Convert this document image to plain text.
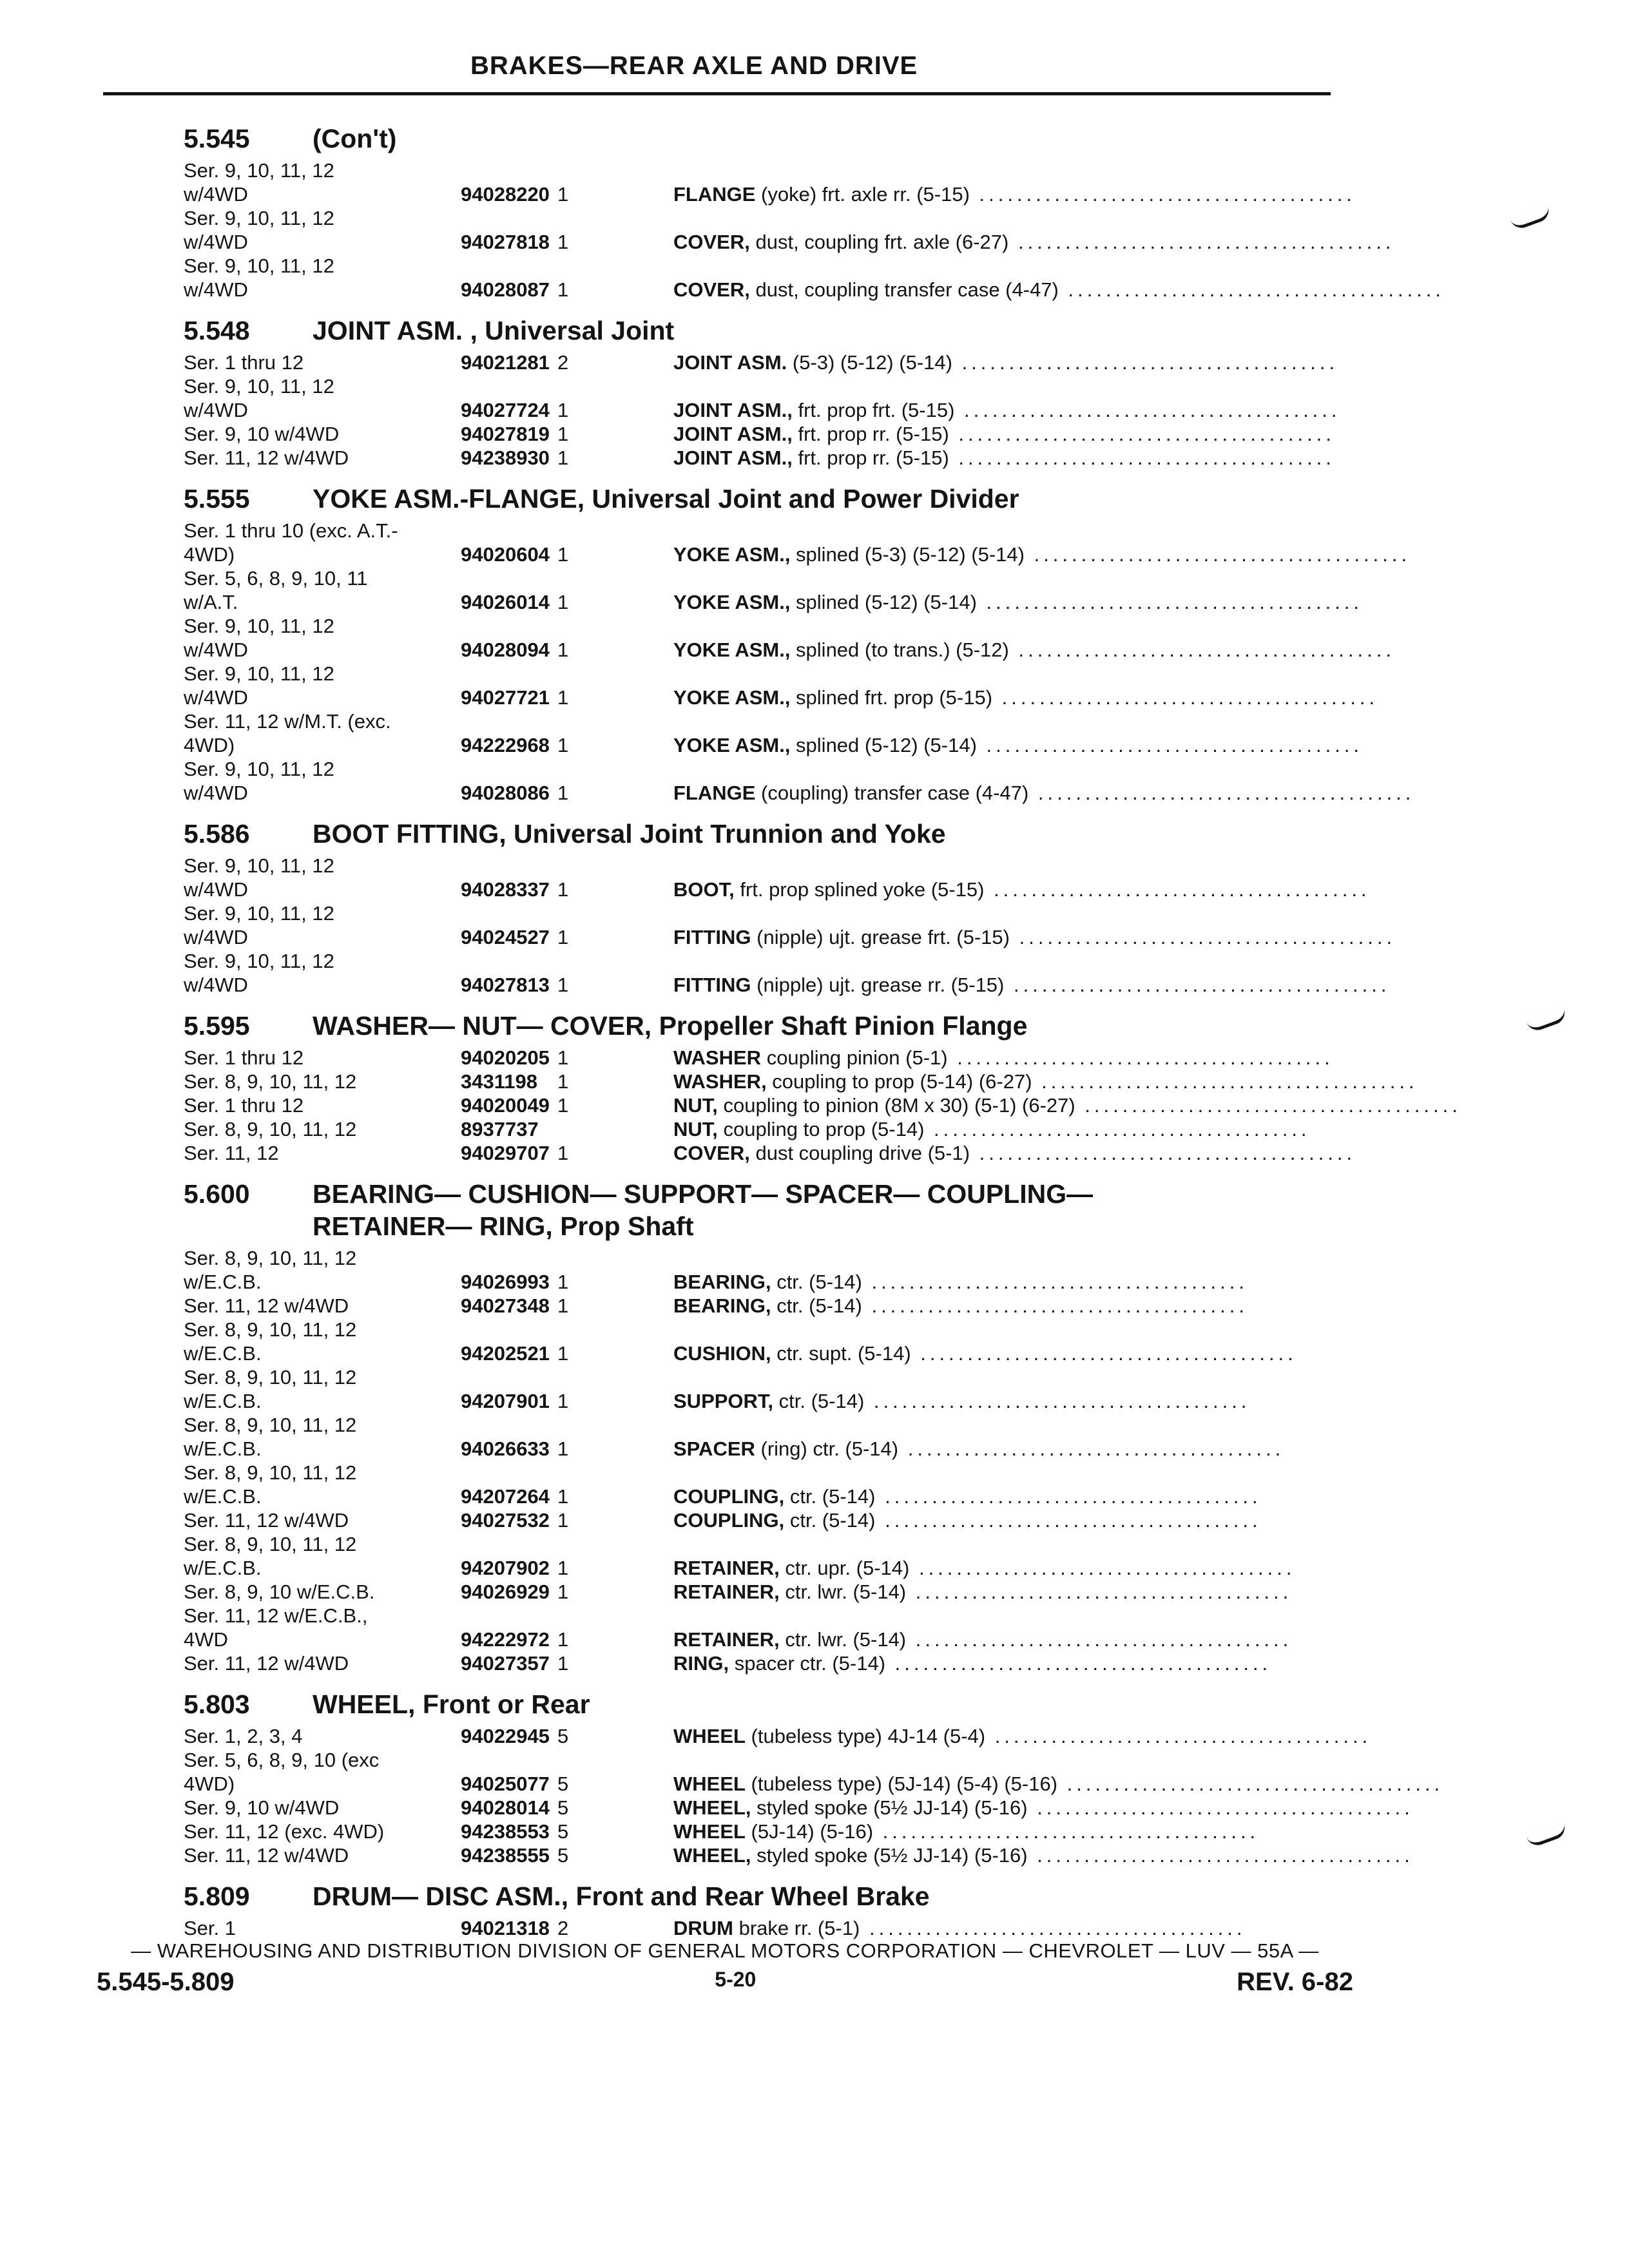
BRAKES—REAR AXLE AND DRIVE
5.545	(Con't)
Ser. 9, 10, 11, 12
w/4WD	94028220 1	FLANGE (yoke) frt. axle rr. (5-15) ........................................
Ser. 9, 10, 11, 12
w/4WD	94027818 1	COVER, dust, coupling frt. axle (6-27) ........................................
Ser. 9, 10, 11, 12
w/4WD	94028087 1	COVER, dust, coupling transfer case (4-47) ........................................
5.548	JOINT ASM. , Universal Joint
Ser. 1 thru 12	94021281 2	JOINT ASM. (5-3) (5-12) (5-14) ........................................
Ser. 9, 10, 11, 12
w/4WD	94027724 1	JOINT ASM., frt. prop frt. (5-15) ........................................
Ser. 9, 10 w/4WD	94027819 1	JOINT ASM., frt. prop rr. (5-15) ........................................
Ser. 11, 12 w/4WD	94238930 1	JOINT ASM., frt. prop rr. (5-15) ........................................
5.555	YOKE ASM.-FLANGE, Universal Joint and Power Divider
Ser. 1 thru 10 (exc. A.T.-
4WD)	94020604 1	YOKE ASM., splined (5-3) (5-12) (5-14) ........................................
Ser. 5, 6, 8, 9, 10, 11
w/A.T.	94026014 1	YOKE ASM., splined (5-12) (5-14) ........................................
Ser. 9, 10, 11, 12
w/4WD	94028094 1	YOKE ASM., splined (to trans.) (5-12) ........................................
Ser. 9, 10, 11, 12
w/4WD	94027721 1	YOKE ASM., splined frt. prop (5-15) ........................................
Ser. 11, 12 w/M.T. (exc.
4WD)	94222968 1	YOKE ASM., splined (5-12) (5-14) ........................................
Ser. 9, 10, 11, 12
w/4WD	94028086 1	FLANGE (coupling) transfer case (4-47) ........................................
5.586	BOOT FITTING, Universal Joint Trunnion and Yoke
Ser. 9, 10, 11, 12
w/4WD	94028337 1	BOOT, frt. prop splined yoke (5-15) ........................................
Ser. 9, 10, 11, 12
w/4WD	94024527 1	FITTING (nipple) ujt. grease frt. (5-15) ........................................
Ser. 9, 10, 11, 12
w/4WD	94027813 1	FITTING (nipple) ujt. grease rr. (5-15) ........................................
5.595	WASHER— NUT— COVER, Propeller Shaft Pinion Flange
Ser. 1 thru 12	94020205 1	WASHER coupling pinion (5-1) ........................................
Ser. 8, 9, 10, 11, 12	3431198	1	WASHER, coupling to prop (5-14) (6-27) ........................................
Ser. 1 thru 12	94020049 1	NUT, coupling to pinion (8M x 30) (5-1) (6-27) ........................................
Ser. 8, 9, 10, 11, 12	8937737	NUT, coupling to prop (5-14) ........................................
Ser. 11, 12	94029707 1	COVER, dust coupling drive (5-1) ........................................
5.600	BEARING— CUSHION— SUPPORT— SPACER— COUPLING—
RETAINER— RING, Prop Shaft
Ser. 8, 9, 10, 11, 12
w/E.C.B.	94026993 1	BEARING, ctr. (5-14) ........................................
Ser. 11, 12 w/4WD	94027348 1	BEARING, ctr. (5-14) ........................................
Ser. 8, 9, 10, 11, 12
w/E.C.B.	94202521 1	CUSHION, ctr. supt. (5-14) ........................................
Ser. 8, 9, 10, 11, 12
w/E.C.B.	94207901 1	SUPPORT, ctr. (5-14) ........................................
Ser. 8, 9, 10, 11, 12
w/E.C.B.	94026633 1	SPACER (ring) ctr. (5-14) ........................................
Ser. 8, 9, 10, 11, 12
w/E.C.B.	94207264 1	COUPLING, ctr. (5-14) ........................................
Ser. 11, 12 w/4WD	94027532 1	COUPLING, ctr. (5-14) ........................................
Ser. 8, 9, 10, 11, 12
w/E.C.B.	94207902 1	RETAINER, ctr. upr. (5-14) ........................................
Ser. 8, 9, 10 w/E.C.B.	94026929 1	RETAINER, ctr. lwr. (5-14) ........................................
Ser. 11, 12 w/E.C.B.,
4WD	94222972 1	RETAINER, ctr. lwr. (5-14) ........................................
Ser. 11, 12 w/4WD	94027357 1	RING, spacer ctr. (5-14) ........................................
5.803	WHEEL, Front or Rear
Ser. 1, 2, 3, 4	94022945 5	WHEEL (tubeless type) 4J-14 (5-4) ........................................
Ser. 5, 6, 8, 9, 10 (exc
4WD)	94025077 5	WHEEL (tubeless type) (5J-14) (5-4) (5-16) ........................................
Ser. 9, 10 w/4WD	94028014 5	WHEEL, styled spoke (5½ JJ-14) (5-16) ........................................
Ser. 11, 12 (exc. 4WD)	94238553 5	WHEEL (5J-14) (5-16) ........................................
Ser. 11, 12 w/4WD	94238555 5	WHEEL, styled spoke (5½ JJ-14) (5-16) ........................................
5.809	DRUM— DISC ASM., Front and Rear Wheel Brake
Ser. 1	94021318 2	DRUM brake rr. (5-1) ........................................
— WAREHOUSING AND DISTRIBUTION DIVISION OF GENERAL MOTORS CORPORATION — CHEVROLET — LUV — 55A —
5.545-5.809	5-20	REV. 6-82
